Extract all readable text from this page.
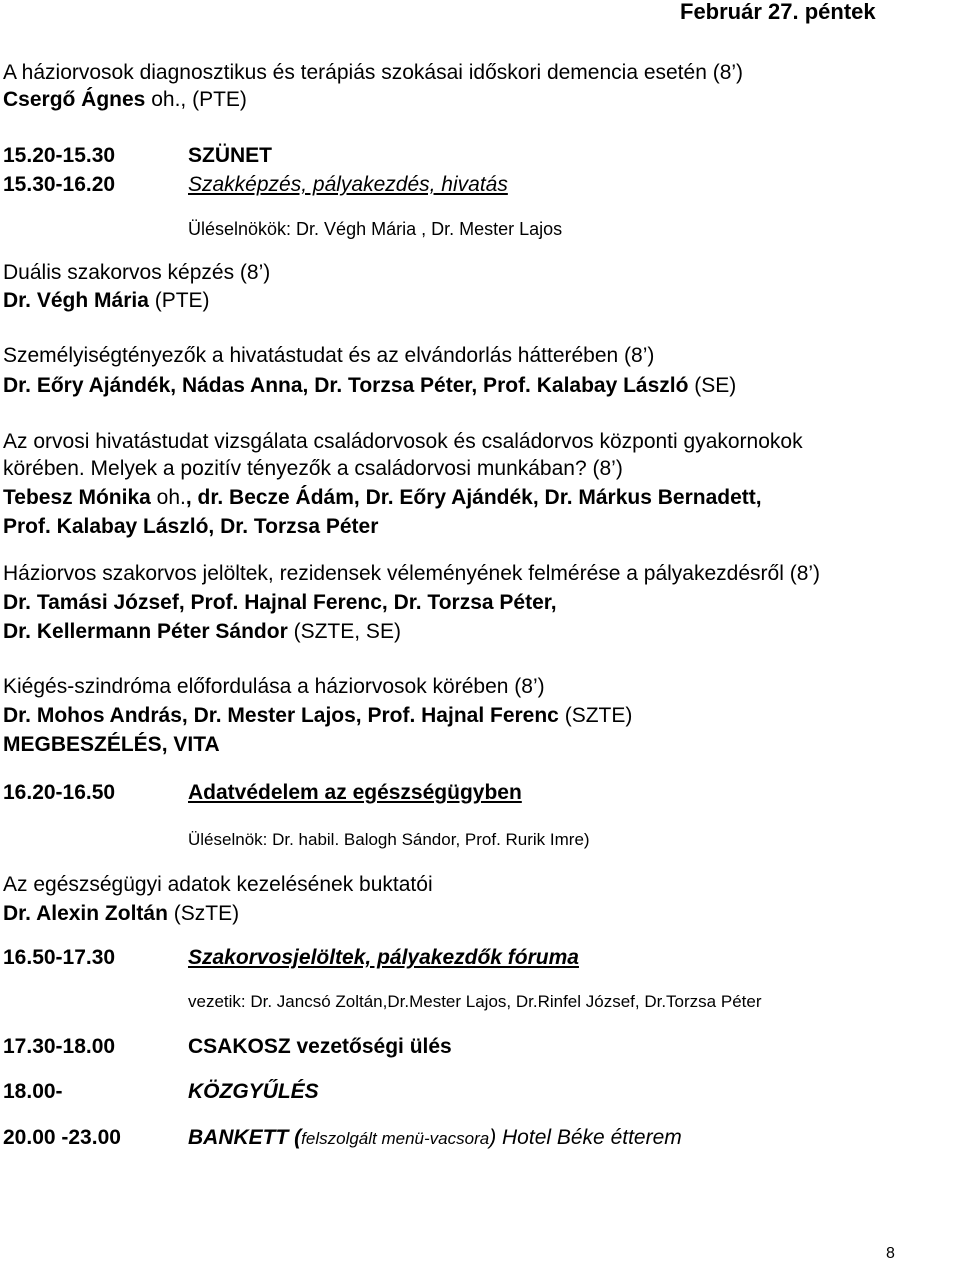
Február 27. péntek
A háziorvosok diagnosztikus és terápiás szokásai időskori demencia esetén (8’)
Csergő Ágnes oh., (PTE)
15.20-15.30	SZÜNET
15.30-16.20	Szakképzés, pályakezdés, hivatás
Üléselnökök: Dr. Végh Mária , Dr. Mester Lajos
Duális szakorvos képzés (8’)
Dr. Végh Mária (PTE)
Személyiségtényezők a hivatástudat és az elvándorlás hátterében (8’)
Dr. Eőry Ajándék, Nádas Anna, Dr. Torzsa Péter, Prof. Kalabay László (SE)
Az orvosi hivatástudat vizsgálata családorvosok és családorvos központi gyakornokok
körében. Melyek a pozitív tényezők a családorvosi munkában? (8’)
Tebesz Mónika oh., dr. Becze Ádám, Dr. Eőry Ajándék, Dr. Márkus Bernadett,
Prof. Kalabay László, Dr. Torzsa Péter
Háziorvos szakorvos jelöltek, rezidensek véleményének felmérése a pályakezdésről (8’)
Dr. Tamási József, Prof. Hajnal Ferenc, Dr. Torzsa Péter,
Dr. Kellermann Péter Sándor (SZTE, SE)
Kiégés-szindróma előfordulása a háziorvosok körében (8’)
Dr. Mohos András, Dr. Mester Lajos, Prof. Hajnal Ferenc (SZTE)
MEGBESZÉLÉS, VITA
16.20-16.50	Adatvédelem az egészségügyben
Üléselnök: Dr. habil. Balogh Sándor, Prof. Rurik Imre)
Az egészségügyi adatok kezelésének buktatói
Dr. Alexin Zoltán (SzTE)
16.50-17.30	Szakorvosjelöltek, pályakezdők fóruma
vezetik: Dr. Jancsó Zoltán,Dr.Mester Lajos, Dr.Rinfel József, Dr.Torzsa Péter
17.30-18.00	CSAKOSZ vezetőségi ülés
18.00-	KÖZGYŰLÉS
20.00 -23.00	BANKETT (felszolgált menü-vacsora) Hotel Béke étterem
8
